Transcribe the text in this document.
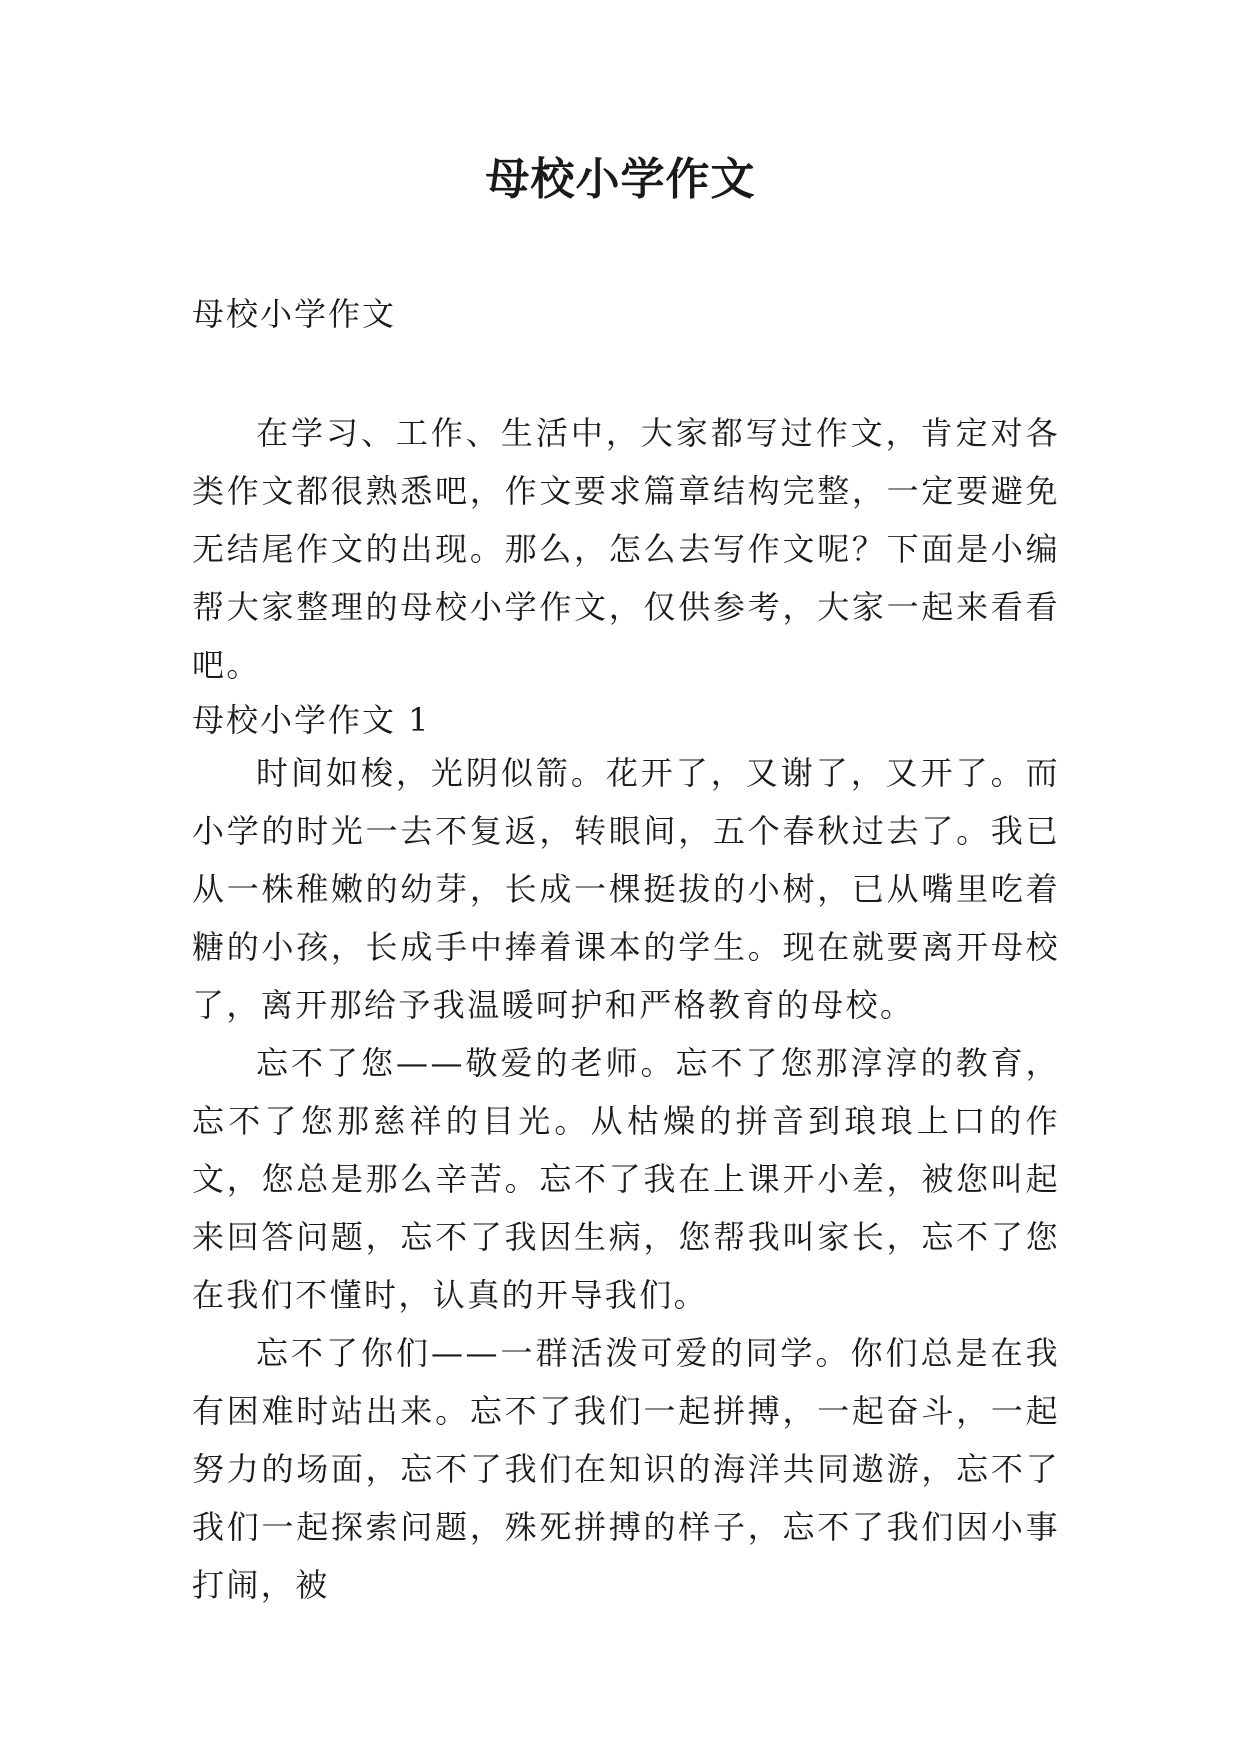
母校小学作文
母校小学作文

在学习、工作、生活中，大家都写过作文，肯定对各类作文都很熟悉吧，作文要求篇章结构完整，一定要避免无结尾作文的出现。那么，怎么去写作文呢？下面是小编帮大家整理的母校小学作文，仅供参考，大家一起来看看吧。

母校小学作文 1

时间如梭，光阴似箭。花开了，又谢了，又开了。而小学的时光一去不复返，转眼间，五个春秋过去了。我已从一株稚嫩的幼芽，长成一棵挺拔的小树，已从嘴里吃着糖的小孩，长成手中捧着课本的学生。现在就要离开母校了，离开那给予我温暖呵护和严格教育的母校。

忘不了您——敬爱的老师。忘不了您那淳淳的教育，忘不了您那慈祥的目光。从枯燥的拼音到琅琅上口的作文，您总是那么辛苦。忘不了我在上课开小差，被您叫起来回答问题，忘不了我因生病，您帮我叫家长，忘不了您在我们不懂时，认真的开导我们。

忘不了你们——一群活泼可爱的同学。你们总是在我有困难时站出来。忘不了我们一起拼搏，一起奋斗，一起努力的场面，忘不了我们在知识的海洋共同遨游，忘不了我们一起探索问题，殊死拼搏的样子，忘不了我们因小事打闹，被
